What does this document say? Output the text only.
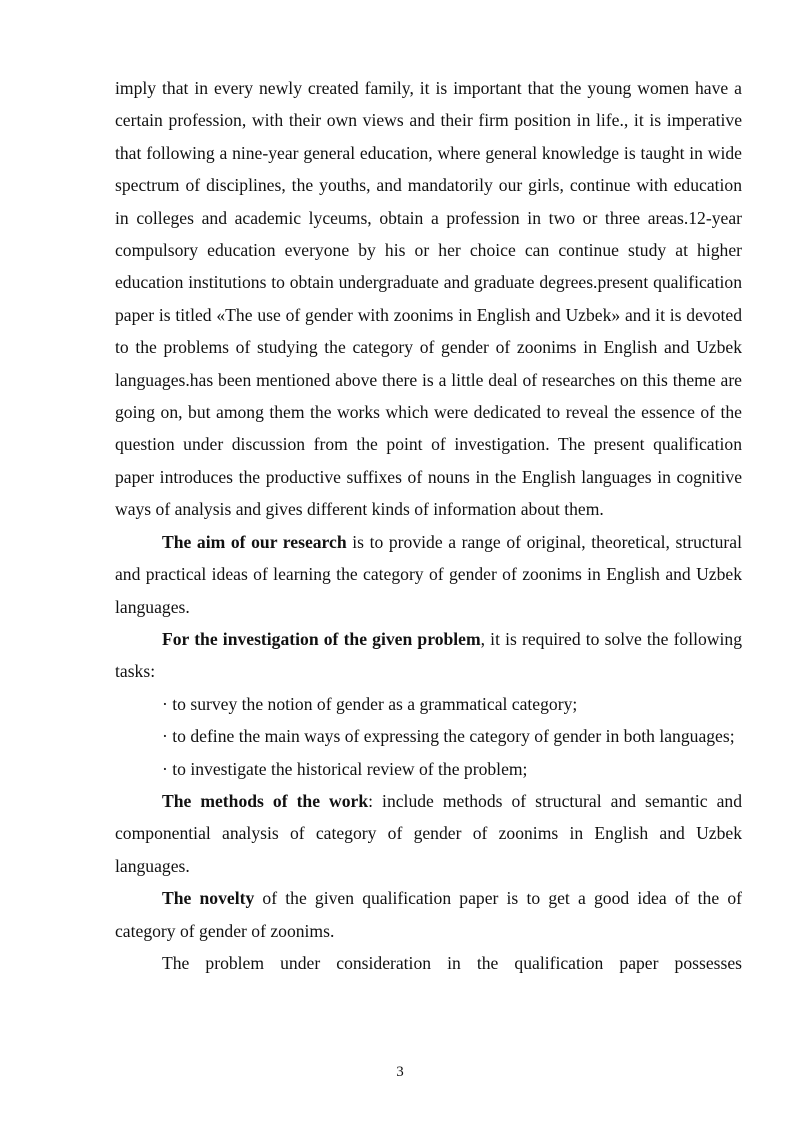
imply that in every newly created family, it is important that the young women have a certain profession, with their own views and their firm position in life., it is imperative that following a nine-year general education, where general knowledge is taught in wide spectrum of disciplines, the youths, and mandatorily our girls, continue with education in colleges and academic lyceums, obtain a profession in two or three areas.12-year compulsory education everyone by his or her choice can continue study at higher education institutions to obtain undergraduate and graduate degrees.present qualification paper is titled «The use of gender with zoonims in English and Uzbek» and it is devoted to the problems of studying the category of gender of zoonims in English and Uzbek languages.has been mentioned above there is a little deal of researches on this theme are going on, but among them the works which were dedicated to reveal the essence of the question under discussion from the point of investigation. The present qualification paper introduces the productive suffixes of nouns in the English languages in cognitive ways of analysis and gives different kinds of information about them.

The aim of our research is to provide a range of original, theoretical, structural and practical ideas of learning the category of gender of zoonims in English and Uzbek languages.

For the investigation of the given problem, it is required to solve the following tasks:

· to survey the notion of gender as a grammatical category;

· to define the main ways of expressing the category of gender in both languages;

· to investigate the historical review of the problem;

The methods of the work: include methods of structural and semantic and componential analysis of category of gender of zoonims in English and Uzbek languages.

The novelty of the given qualification paper is to get a good idea of the of category of gender of zoonims.

The problem under consideration in the qualification paper possesses

3
